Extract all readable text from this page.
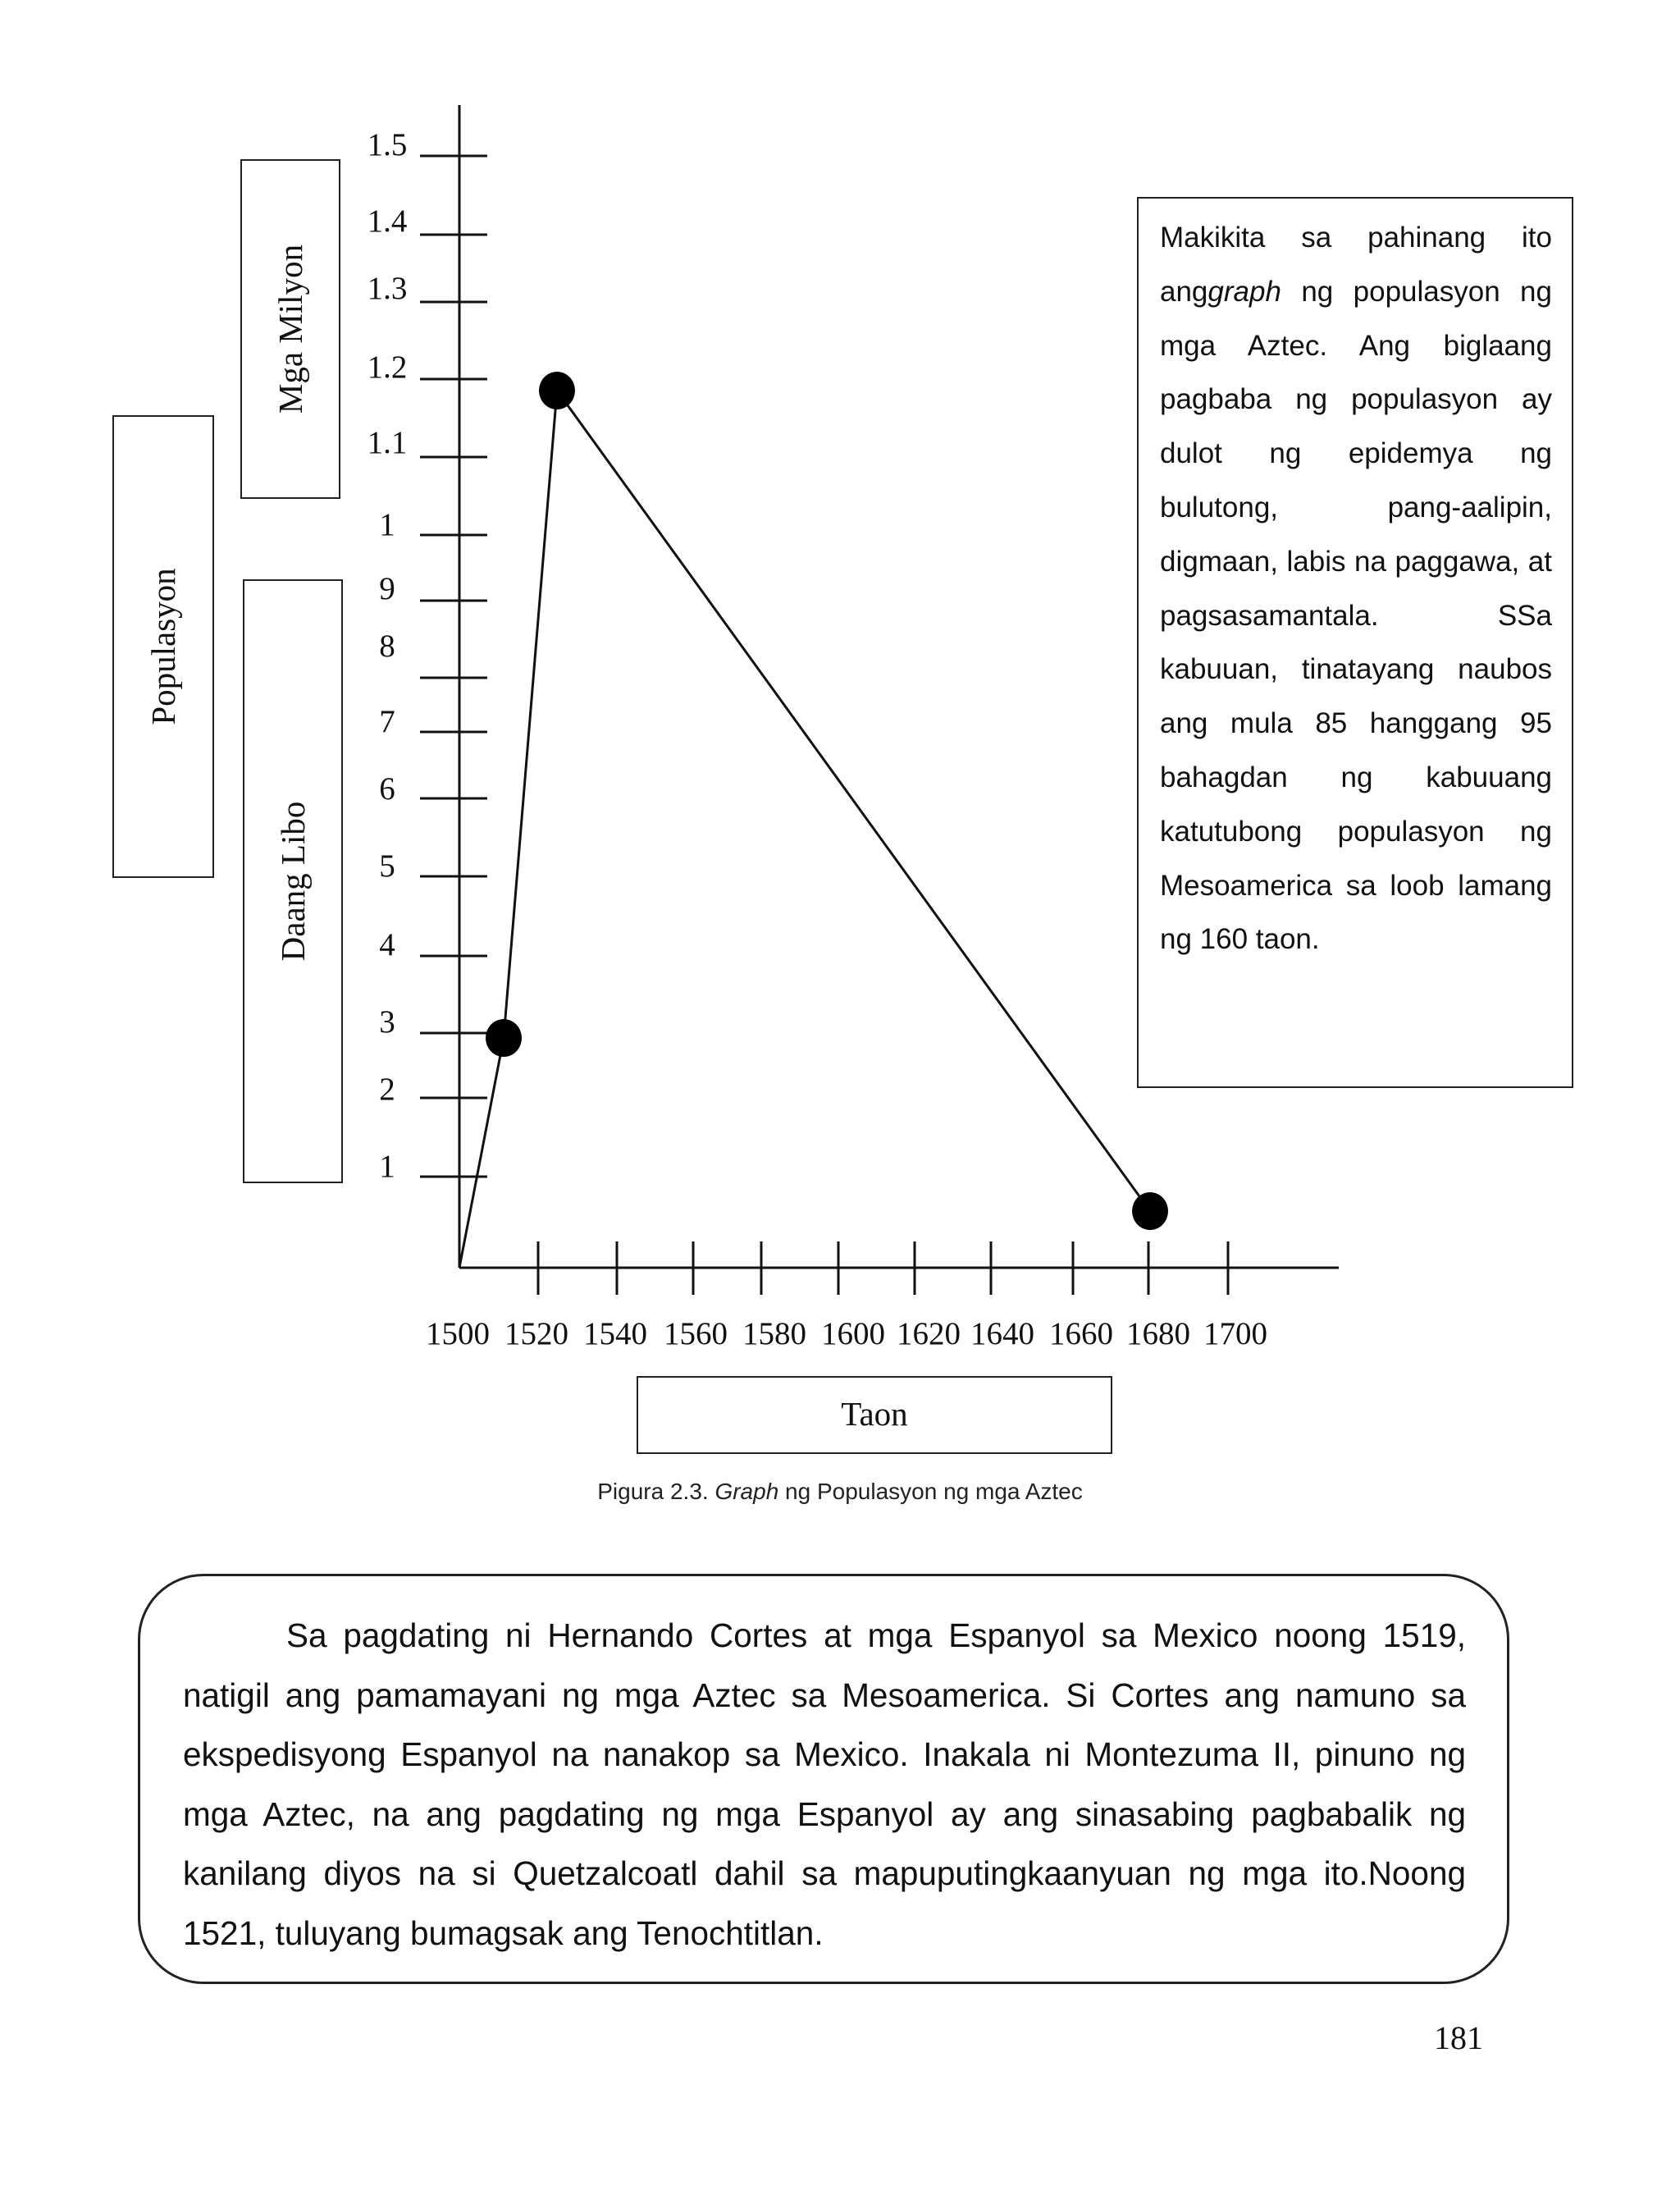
1.5
1.4
1.3
1.2
1.1
1
9
8
7
6
5
4
3
2
1
1500 1520 1540 1560 1580 1600 1620 1640 1660 1680 1700
Populasyon
Mga Milyon
Daang Libo
Makikita sa pahinang ito anggraph ng populasyon ng mga Aztec. Ang biglaang pagbaba ng populasyon ay dulot ng epidemya ng bulutong, pang-aalipin, digmaan, labis na paggawa, at pagsasamantala. SSa kabuuan, tinatayang naubos ang mula 85 hanggang 95 bahagdan ng kabuuang katutubong populasyon ng Mesoamerica sa loob lamang ng 160 taon.
Taon
Pigura 2.3. Graph ng Populasyon ng mga Aztec

Sa pagdating ni Hernando Cortes at mga Espanyol sa Mexico noong 1519, natigil ang pamamayani ng mga Aztec sa Mesoamerica. Si Cortes ang namuno sa ekspedisyong Espanyol na nanakop sa Mexico. Inakala ni Montezuma II, pinuno ng mga Aztec, na ang pagdating ng mga Espanyol ay ang sinasabing pagbabalik ng kanilang diyos na si Quetzalcoatl dahil sa mapuputingkaanyuan ng mga ito.Noong 1521, tuluyang bumagsak ang Tenochtitlan.

181
